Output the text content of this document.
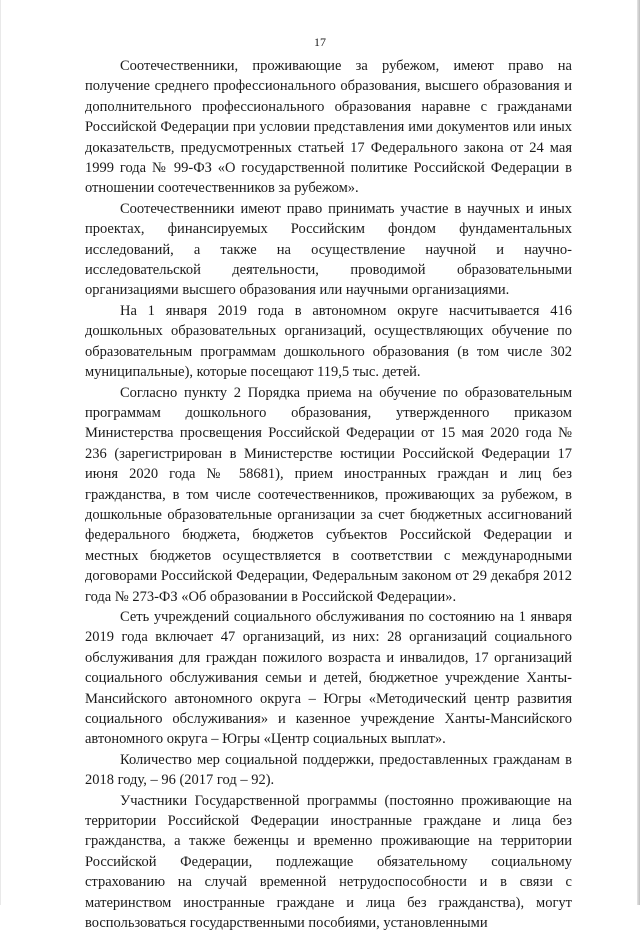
17

Соотечественники, проживающие за рубежом, имеют право на получение среднего профессионального образования, высшего образования и дополнительного профессионального образования наравне с гражданами Российской Федерации при условии представления ими документов или иных доказательств, предусмотренных статьей 17 Федерального закона от 24 мая 1999 года № 99-ФЗ «О государственной политике Российской Федерации в отношении соотечественников за рубежом».

Соотечественники имеют право принимать участие в научных и иных проектах, финансируемых Российским фондом фундаментальных исследований, а также на осуществление научной и научно-исследовательской деятельности, проводимой образовательными организациями высшего образования или научными организациями.

На 1 января 2019 года в автономном округе насчитывается 416 дошкольных образовательных организаций, осуществляющих обучение по образовательным программам дошкольного образования (в том числе 302 муниципальные), которые посещают 119,5 тыс. детей.

Согласно пункту 2 Порядка приема на обучение по образовательным программам дошкольного образования, утвержденного приказом Министерства просвещения Российской Федерации от 15 мая 2020 года № 236 (зарегистрирован в Министерстве юстиции Российской Федерации 17 июня 2020 года № 58681), прием иностранных граждан и лиц без гражданства, в том числе соотечественников, проживающих за рубежом, в дошкольные образовательные организации за счет бюджетных ассигнований федерального бюджета, бюджетов субъектов Российской Федерации и местных бюджетов осуществляется в соответствии с международными договорами Российской Федерации, Федеральным законом от 29 декабря 2012 года № 273-ФЗ «Об образовании в Российской Федерации».

Сеть учреждений социального обслуживания по состоянию на 1 января 2019 года включает 47 организаций, из них: 28 организаций социального обслуживания для граждан пожилого возраста и инвалидов, 17 организаций социального обслуживания семьи и детей, бюджетное учреждение Ханты-Мансийского автономного округа – Югры «Методический центр развития социального обслуживания» и казенное учреждение Ханты-Мансийского автономного округа – Югры «Центр социальных выплат».

Количество мер социальной поддержки, предоставленных гражданам в 2018 году, – 96 (2017 год – 92).

Участники Государственной программы (постоянно проживающие на территории Российской Федерации иностранные граждане и лица без гражданства, а также беженцы и временно проживающие на территории Российской Федерации, подлежащие обязательному социальному страхованию на случай временной нетрудоспособности и в связи с материнством иностранные граждане и лица без гражданства), могут воспользоваться государственными пособиями, установленными
